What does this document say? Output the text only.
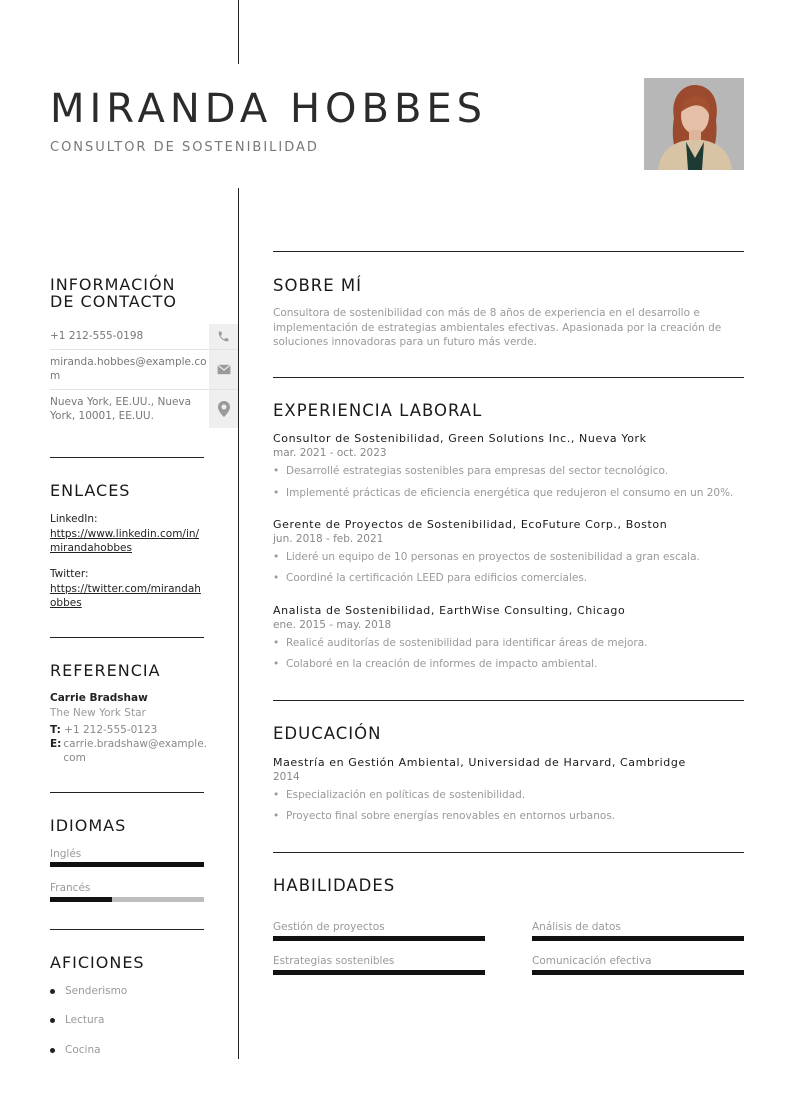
MIRANDA HOBBES
CONSULTOR DE SOSTENIBILIDAD
INFORMACIÓN
DE CONTACTO
+1 212-555-0198
miranda.hobbes@example.com
Nueva York, EE.UU., Nueva York, 10001, EE.UU.
ENLACES
LinkedIn:
https://www.linkedin.com/in/mirandahobbes
Twitter:
https://twitter.com/mirandahobbes
REFERENCIA
Carrie Bradshaw
The New York Star
T: +1 212-555-0123
E: carrie.bradshaw@example.com
IDIOMAS
Inglés
Francés
AFICIONES
Senderismo
Lectura
Cocina
SOBRE MÍ
Consultora de sostenibilidad con más de 8 años de experiencia en el desarrollo e implementación de estrategias ambientales efectivas. Apasionada por la creación de soluciones innovadoras para un futuro más verde.
EXPERIENCIA LABORAL
Consultor de Sostenibilidad, Green Solutions Inc., Nueva York
mar. 2021 - oct. 2023
• Desarrollé estrategias sostenibles para empresas del sector tecnológico.
• Implementé prácticas de eficiencia energética que redujeron el consumo en un 20%.
Gerente de Proyectos de Sostenibilidad, EcoFuture Corp., Boston
jun. 2018 - feb. 2021
• Lideré un equipo de 10 personas en proyectos de sostenibilidad a gran escala.
• Coordiné la certificación LEED para edificios comerciales.
Analista de Sostenibilidad, EarthWise Consulting, Chicago
ene. 2015 - may. 2018
• Realicé auditorías de sostenibilidad para identificar áreas de mejora.
• Colaboré en la creación de informes de impacto ambiental.
EDUCACIÓN
Maestría en Gestión Ambiental, Universidad de Harvard, Cambridge
2014
• Especialización en políticas de sostenibilidad.
• Proyecto final sobre energías renovables en entornos urbanos.
HABILIDADES
Gestión de proyectos	Análisis de datos
Estrategias sostenibles	Comunicación efectiva
